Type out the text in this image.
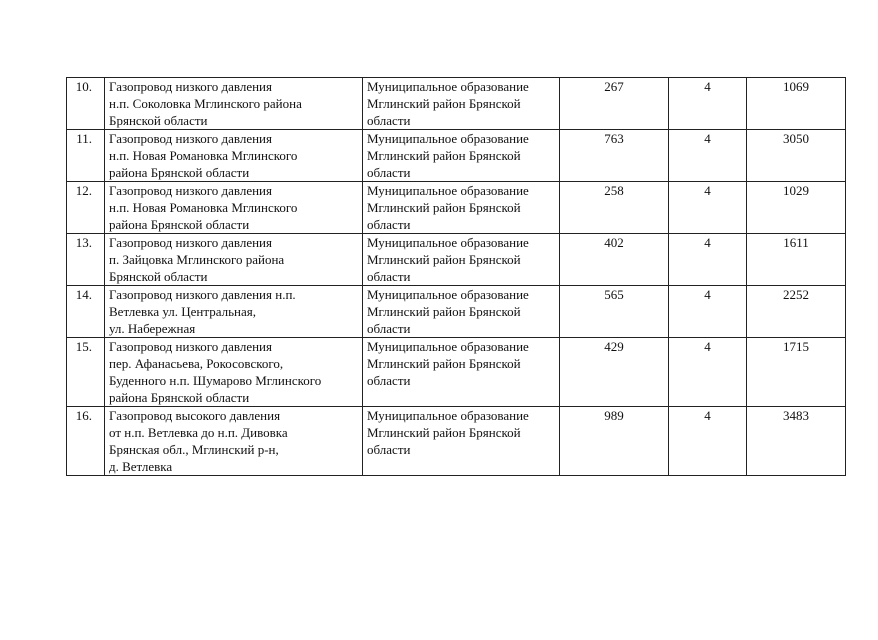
10.	Газопровод низкого давления
н.п. Соколовка Мглинского района
Брянской области	Муниципальное образование
Мглинский район Брянской
области	267	4	1069
11.	Газопровод низкого давления
н.п. Новая Романовка Мглинского
района Брянской области	Муниципальное образование
Мглинский район Брянской
области	763	4	3050
12.	Газопровод низкого давления
н.п. Новая Романовка Мглинского
района Брянской области	Муниципальное образование
Мглинский район Брянской
области	258	4	1029
13.	Газопровод низкого давления
п. Зайцовка Мглинского района
Брянской области	Муниципальное образование
Мглинский район Брянской
области	402	4	1611
14.	Газопровод низкого давления н.п.
Ветлевка ул. Центральная,
ул. Набережная	Муниципальное образование
Мглинский район Брянской
области	565	4	2252
15.	Газопровод низкого давления
пер. Афанасьева, Рокосовского,
Буденного н.п. Шумарово Мглинского
района Брянской области	Муниципальное образование
Мглинский район Брянской
области	429	4	1715
16.	Газопровод высокого давления
от н.п. Ветлевка до н.п. Дивовка
Брянская обл., Мглинский р-н,
д. Ветлевка	Муниципальное образование
Мглинский район Брянской
области	989	4	3483
